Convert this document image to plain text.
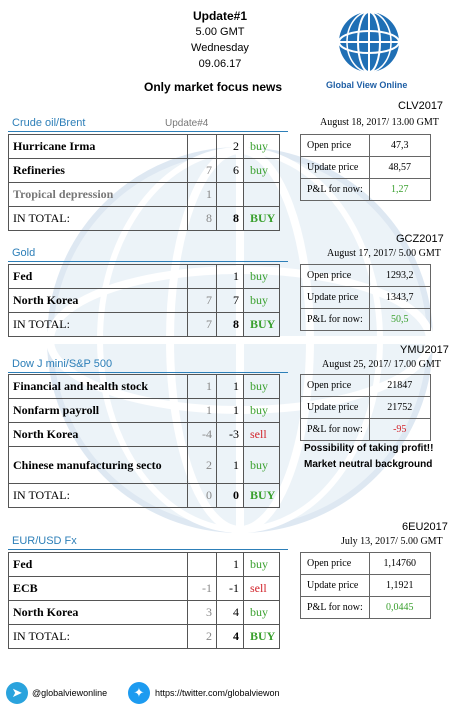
Update#1
5.00 GMT
Wednesday
09.06.17
Only market focus news	Global View Online
Crude oil/Brent	Update#4
Hurricane Irma		2	buy
Refineries	7	6	buy
Tropical depression	1		
IN TOTAL:	8	8	BUY
CLV2017
August 18, 2017/ 13.00 GMT
Open price	47,3
Update price	48,57
P&L for now:	1,27
Gold
Fed		1	buy
North Korea	7	7	buy
IN TOTAL:	7	8	BUY
GCZ2017
August 17, 2017/ 5.00 GMT
Open price	1293,2
Update price	1343,7
P&L for now:	50,5
Dow J mini/S&P 500
Financial and health stock	1	1	buy
Nonfarm payroll	1	1	buy
North Korea	-4	-3	sell
Chinese manufacturing secto	2	1	buy
IN TOTAL:	0	0	BUY
YMU2017
August 25, 2017/ 17.00 GMT
Open price	21847
Update price	21752
P&L for now:	-95
Possibility of taking profit!!
Market neutral background
EUR/USD Fx
Fed		1	buy
ECB	-1	-1	sell
North Korea	3	4	buy
IN TOTAL:	2	4	BUY
6EU2017
July 13, 2017/ 5.00 GMT
Open price	1,14760
Update price	1,1921
P&L for now:	0,0445
➤	@globalviewonline	✦	https://twitter.com/globalviewon
